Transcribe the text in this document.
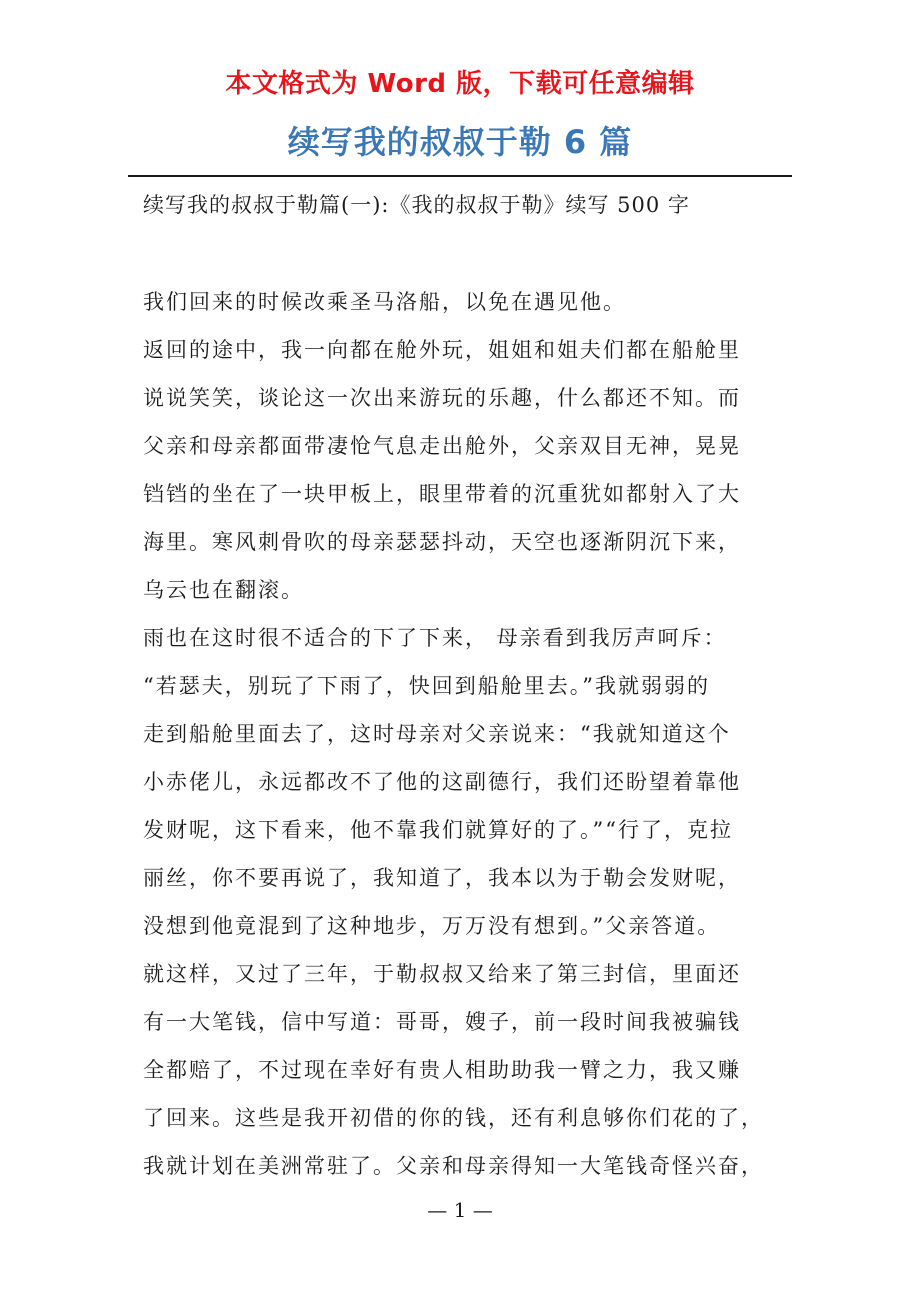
本文格式为 Word 版，下载可任意编辑
续写我的叔叔于勒 6 篇
续写我的叔叔于勒篇(一):《我的叔叔于勒》续写 500 字
我们回来的时候改乘圣马洛船，以免在遇见他。
返回的途中，我一向都在舱外玩，姐姐和姐夫们都在船舱里
说说笑笑，谈论这一次出来游玩的乐趣，什么都还不知。而
父亲和母亲都面带凄怆气息走出舱外，父亲双目无神，晃晃
铛铛的坐在了一块甲板上，眼里带着的沉重犹如都射入了大
海里。寒风刺骨吹的母亲瑟瑟抖动，天空也逐渐阴沉下来，
乌云也在翻滚。
雨也在这时很不适合的下了下来， 母亲看到我厉声呵斥：
“若瑟夫，别玩了下雨了，快回到船舱里去。”我就弱弱的
走到船舱里面去了，这时母亲对父亲说来：“我就知道这个
小赤佬儿，永远都改不了他的这副德行，我们还盼望着靠他
发财呢，这下看来，他不靠我们就算好的了。”“行了，克拉
丽丝，你不要再说了，我知道了，我本以为于勒会发财呢，
没想到他竟混到了这种地步，万万没有想到。”父亲答道。
就这样，又过了三年，于勒叔叔又给来了第三封信，里面还
有一大笔钱，信中写道：哥哥，嫂子，前一段时间我被骗钱
全都赔了，不过现在幸好有贵人相助助我一臂之力，我又赚
了回来。这些是我开初借的你的钱，还有利息够你们花的了，
我就计划在美洲常驻了。父亲和母亲得知一大笔钱奇怪兴奋，
— 1 —
